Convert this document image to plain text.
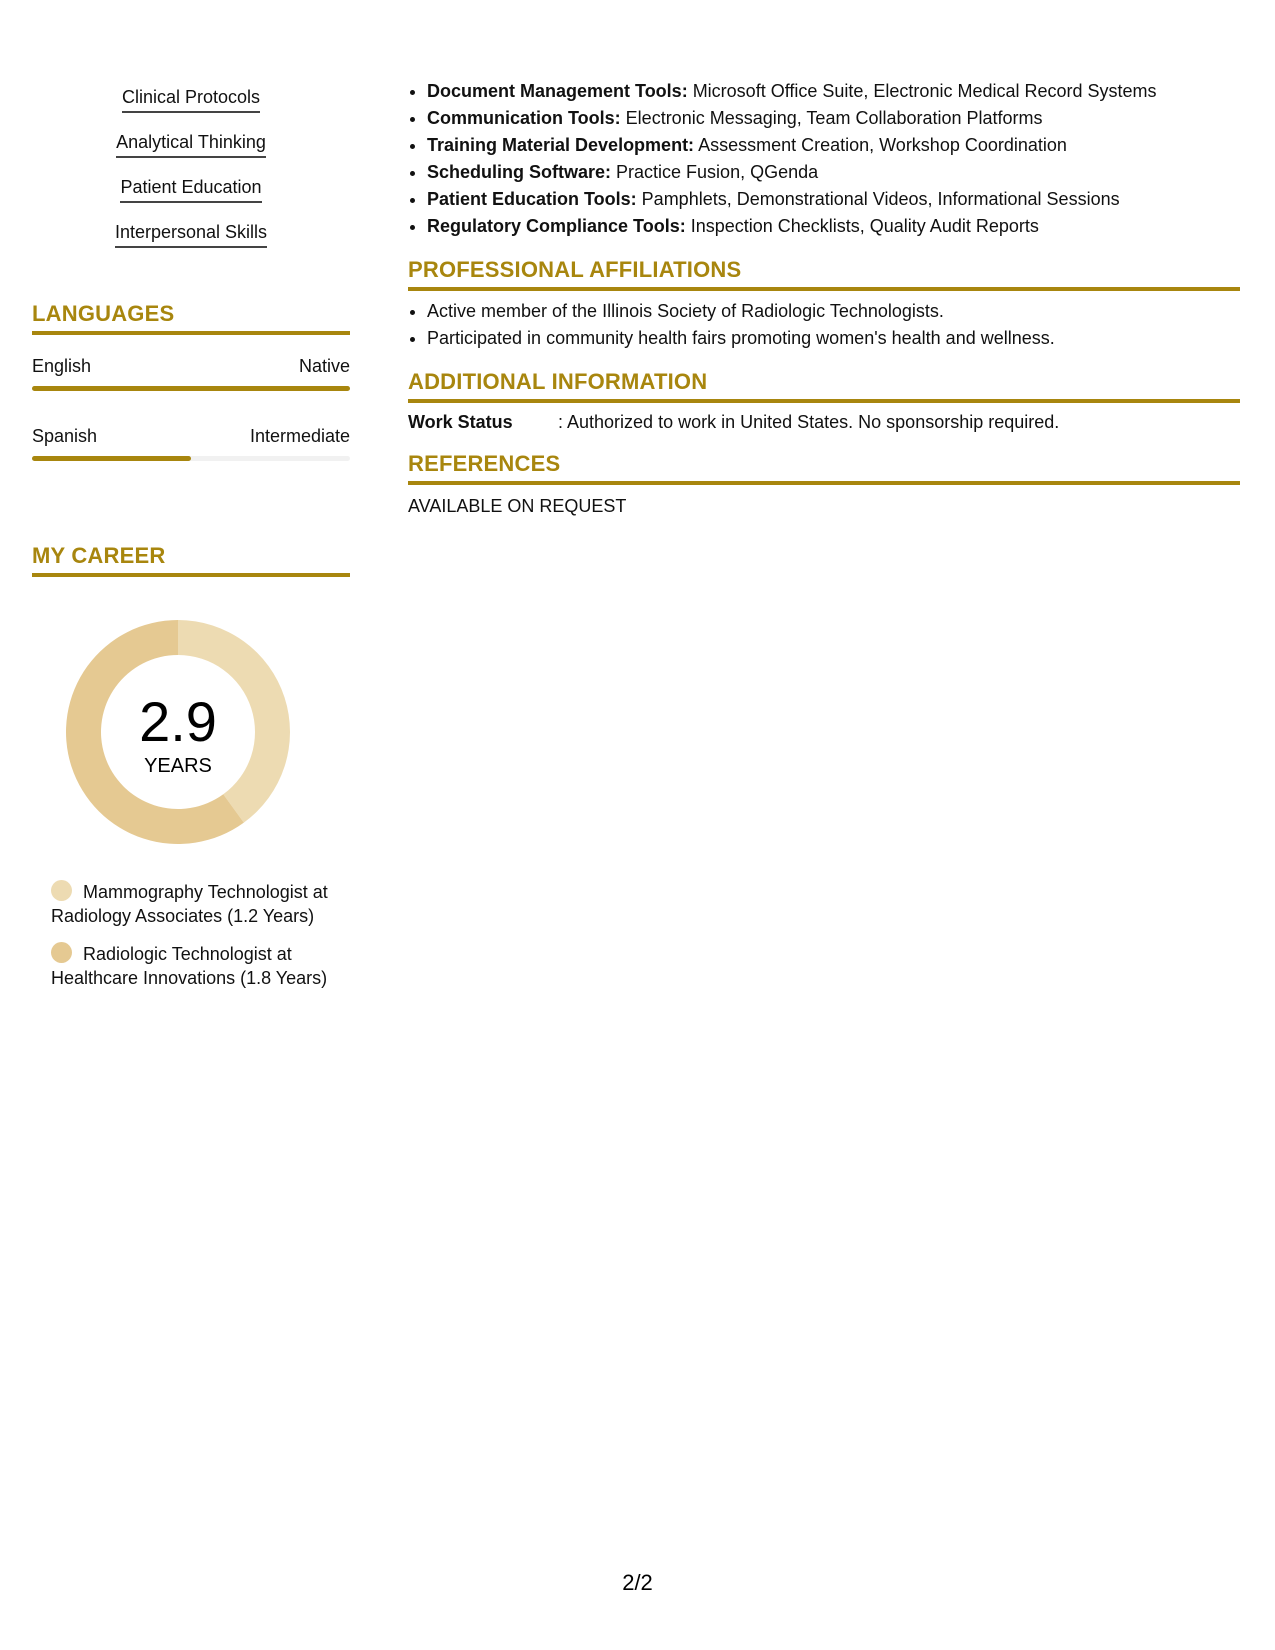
Clinical Protocols
Analytical Thinking
Patient Education
Interpersonal Skills
LANGUAGES
English	Native
Spanish	Intermediate
MY CAREER
2.9
YEARS
Mammography Technologist at Radiology Associates (1.2 Years)
Radiologic Technologist at Healthcare Innovations (1.8 Years)
• Document Management Tools: Microsoft Office Suite, Electronic Medical Record Systems
• Communication Tools: Electronic Messaging, Team Collaboration Platforms
• Training Material Development: Assessment Creation, Workshop Coordination
• Scheduling Software: Practice Fusion, QGenda
• Patient Education Tools: Pamphlets, Demonstrational Videos, Informational Sessions
• Regulatory Compliance Tools: Inspection Checklists, Quality Audit Reports
PROFESSIONAL AFFILIATIONS
• Active member of the Illinois Society of Radiologic Technologists.
• Participated in community health fairs promoting women's health and wellness.
ADDITIONAL INFORMATION
Work Status	: Authorized to work in United States. No sponsorship required.
REFERENCES
AVAILABLE ON REQUEST
2/2
